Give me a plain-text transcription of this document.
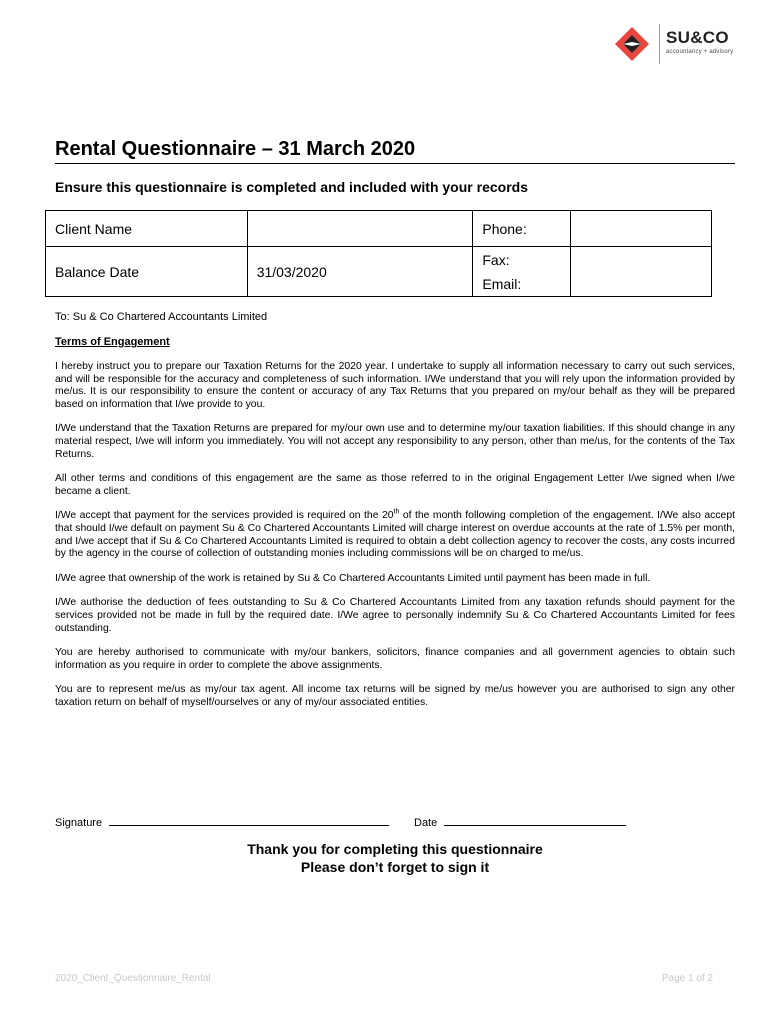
SU&CO
accountancy + advisory
Rental Questionnaire – 31 March 2020
Ensure this questionnaire is completed and included with your records
Client Name		Phone:	
Balance Date	31/03/2020	Fax:
Email:	

To: Su & Co Chartered Accountants Limited
Terms of Engagement

I hereby instruct you to prepare our Taxation Returns for the 2020 year. I undertake to supply all information necessary to carry out such services, and will be responsible for the accuracy and completeness of such information. I/We understand that you will rely upon the information provided by me/us. It is our responsibility to ensure the content or accuracy of any Tax Returns that you prepared on my/our behalf as they will be prepared based on information that I/we provide to you.

I/We understand that the Taxation Returns are prepared for my/our own use and to determine my/our taxation liabilities. If this should change in any material respect, I/we will inform you immediately. You will not accept any responsibility to any person, other than me/us, for the contents of the Tax Returns.

All other terms and conditions of this engagement are the same as those referred to in the original Engagement Letter I/we signed when I/we became a client.

I/We accept that payment for the services provided is required on the 20th of the month following completion of the engagement. I/We also accept that should I/we default on payment Su & Co Chartered Accountants Limited will charge interest on overdue accounts at the rate of 1.5% per month, and I/we accept that if Su & Co Chartered Accountants Limited is required to obtain a debt collection agency to recover the costs, any costs incurred by the agency in the course of collection of outstanding monies including commissions will be on charged to me/us.

I/We agree that ownership of the work is retained by Su & Co Chartered Accountants Limited until payment has been made in full.

I/We authorise the deduction of fees outstanding to Su & Co Chartered Accountants Limited from any taxation refunds should payment for the services provided not be made in full by the required date. I/We agree to personally indemnify Su & Co Chartered Accountants Limited for fees outstanding.

You are hereby authorised to communicate with my/our bankers, solicitors, finance companies and all government agencies to obtain such information as you require in order to complete the above assignments.

You are to represent me/us as my/our tax agent. All income tax returns will be signed by me/us however you are authorised to sign any other taxation return on behalf of myself/ourselves or any of my/our associated entities.

Signature	Date
Thank you for completing this questionnaire
Please don’t forget to sign it
2020_Client_Questionnaire_Rental	Page 1 of 2
